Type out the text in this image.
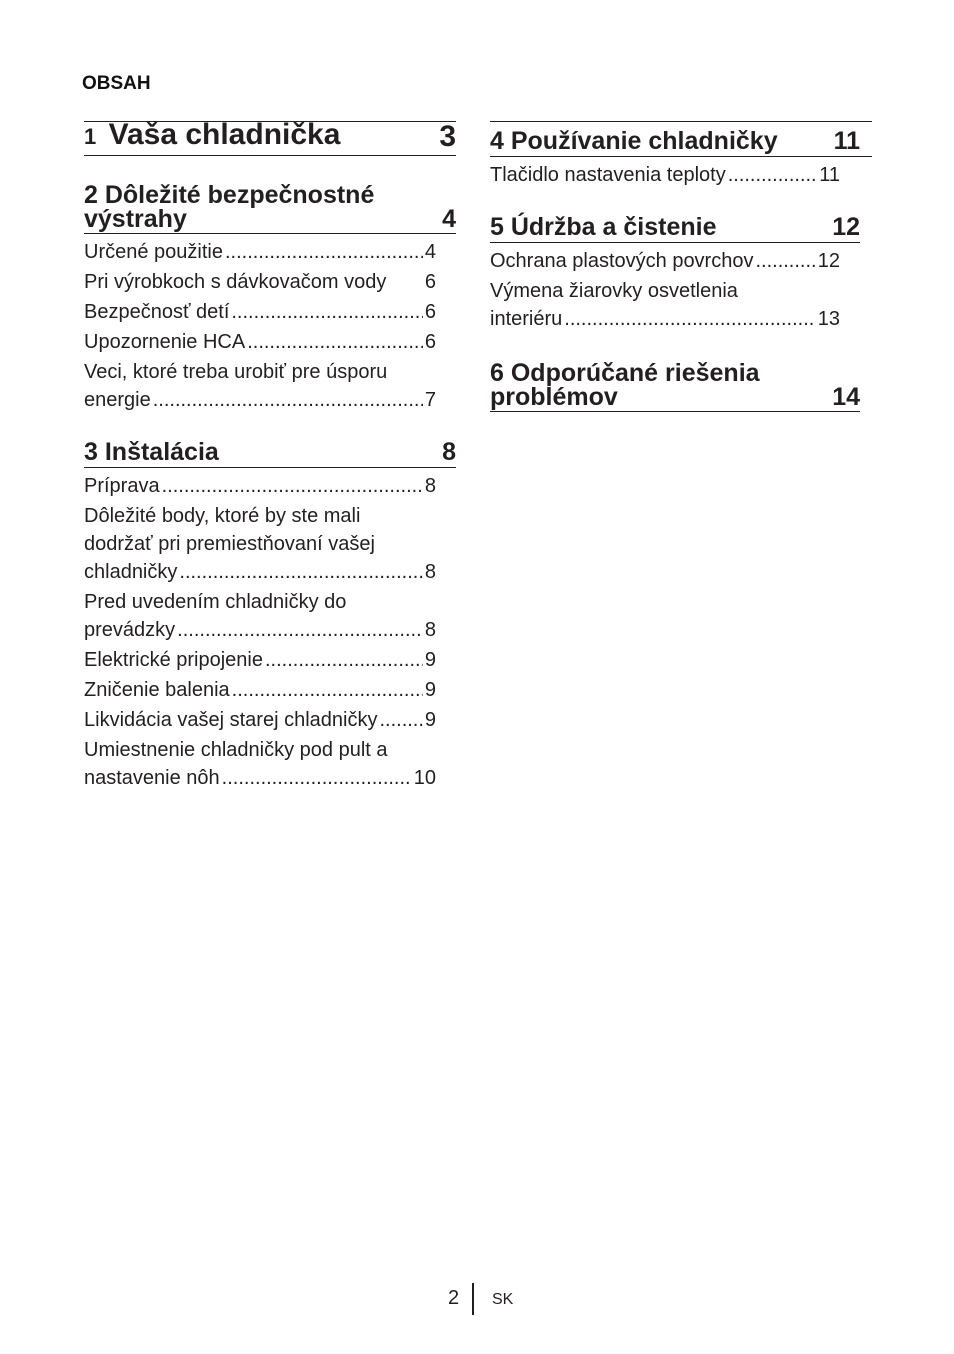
OBSAH
1 Vaša chladnička	3
2 Dôležité bezpečnostné
výstrahy	4
Určené použitie .....	4
Pri výrobkoch s dávkovačom vody	6
Bezpečnosť detí .....	6
Upozornenie HCA .....	6
Veci, ktoré treba urobiť pre úsporu
energie .....	7
3 Inštalácia	8
Príprava .....	8
Dôležité body, ktoré by ste mali
dodržať pri premiestňovaní vašej
chladničky .....	8
Pred uvedením chladničky do
prevádzky .....	8
Elektrické pripojenie .....	9
Zničenie balenia .....	9
Likvidácia vašej starej chladničky ..... 9
Umiestnenie chladničky pod pult a
nastavenie nôh .....	10
4 Používanie chladničky 11
Tlačidlo nastavenia teploty .....	11
5 Údržba a čistenie	12
Ochrana plastových povrchov .....	12
Výmena žiarovky osvetlenia
interiéru .....	13
6 Odporúčané riešenia
problémov	14
2 SK
